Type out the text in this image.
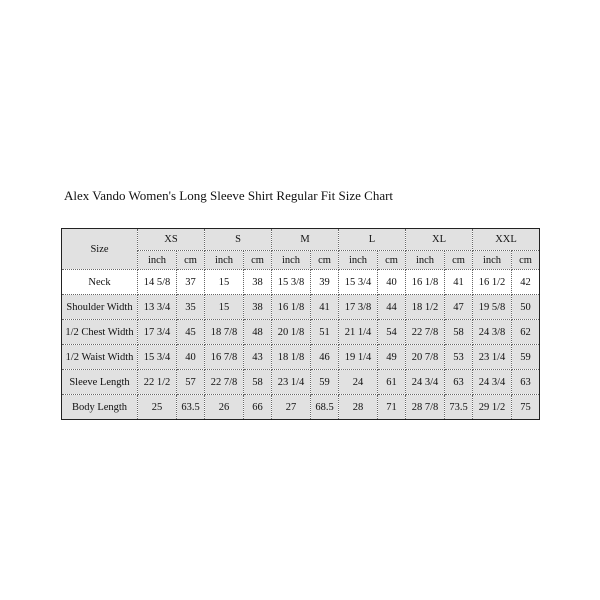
Alex Vando Women's Long Sleeve Shirt Regular Fit Size Chart
Size	XS		S		M		L		XL		XXL	
	inch	cm	inch	cm	inch	cm	inch	cm	inch	cm	inch	cm
Neck	14 5/8	37	15	38	15 3/8	39	15 3/4	40	16 1/8	41	16 1/2	42
Shoulder Width	13 3/4	35	15	38	16 1/8	41	17 3/8	44	18 1/2	47	19 5/8	50
1/2 Chest Width	17 3/4	45	18 7/8	48	20 1/8	51	21 1/4	54	22 7/8	58	24 3/8	62
1/2 Waist Width	15 3/4	40	16 7/8	43	18 1/8	46	19 1/4	49	20 7/8	53	23 1/4	59
Sleeve Length	22 1/2	57	22 7/8	58	23 1/4	59	24	61	24 3/4	63	24 3/4	63
Body Length	25	63.5	26	66	27	68.5	28	71	28 7/8	73.5	29 1/2	75
